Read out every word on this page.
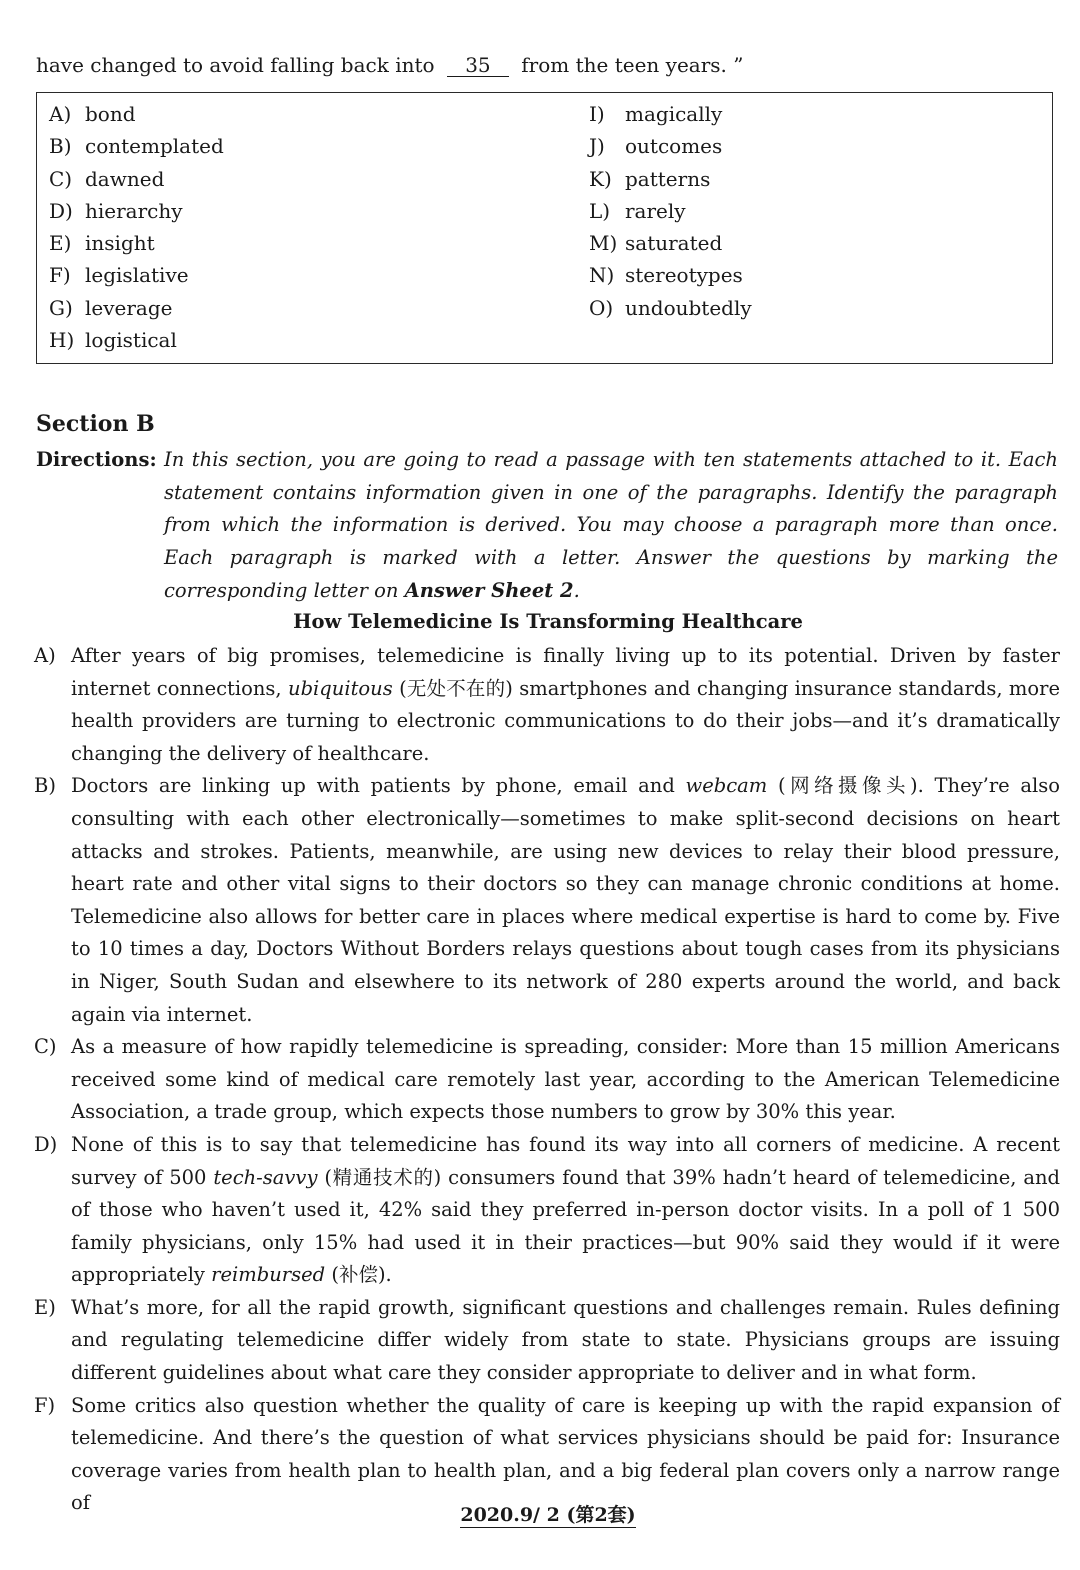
have changed to avoid falling back into 35 from the teen years. ”
A) bond
B) contemplated
C) dawned
D) hierarchy
E) insight
F) legislative
G) leverage
H) logistical
I) magically
J) outcomes
K) patterns
L) rarely
M) saturated
N) stereotypes
O) undoubtedly
Section B
Directions: In this section, you are going to read a passage with ten statements attached to it. Each statement contains information given in one of the paragraphs. Identify the paragraph from which the information is derived. You may choose a paragraph more than once. Each paragraph is marked with a letter. Answer the questions by marking the corresponding letter on Answer Sheet 2.
How Telemedicine Is Transforming Healthcare

A) After years of big promises, telemedicine is finally living up to its potential. Driven by faster internet connections, ubiquitous (无处不在的) smartphones and changing insurance standards, more health providers are turning to electronic communications to do their jobs—and it’s dramatically changing the delivery of healthcare.

B) Doctors are linking up with patients by phone, email and webcam (网络摄像头). They’re also consulting with each other electronically—sometimes to make split-second decisions on heart attacks and strokes. Patients, meanwhile, are using new devices to relay their blood pressure, heart rate and other vital signs to their doctors so they can manage chronic conditions at home. Telemedicine also allows for better care in places where medical expertise is hard to come by. Five to 10 times a day, Doctors Without Borders relays questions about tough cases from its physicians in Niger, South Sudan and elsewhere to its network of 280 experts around the world, and back again via internet.

C) As a measure of how rapidly telemedicine is spreading, consider: More than 15 million Americans received some kind of medical care remotely last year, according to the American Telemedicine Association, a trade group, which expects those numbers to grow by 30% this year.

D) None of this is to say that telemedicine has found its way into all corners of medicine. A recent survey of 500 tech-savvy (精通技术的) consumers found that 39% hadn’t heard of telemedicine, and of those who haven’t used it, 42% said they preferred in-person doctor visits. In a poll of 1 500 family physicians, only 15% had used it in their practices—but 90% said they would if it were appropriately reimbursed (补偿).

E) What’s more, for all the rapid growth, significant questions and challenges remain. Rules defining and regulating telemedicine differ widely from state to state. Physicians groups are issuing different guidelines about what care they consider appropriate to deliver and in what form.

F) Some critics also question whether the quality of care is keeping up with the rapid expansion of telemedicine. And there’s the question of what services physicians should be paid for: Insurance coverage varies from health plan to health plan, and a big federal plan covers only a narrow range of

2020.9/ 2 (第2套)
